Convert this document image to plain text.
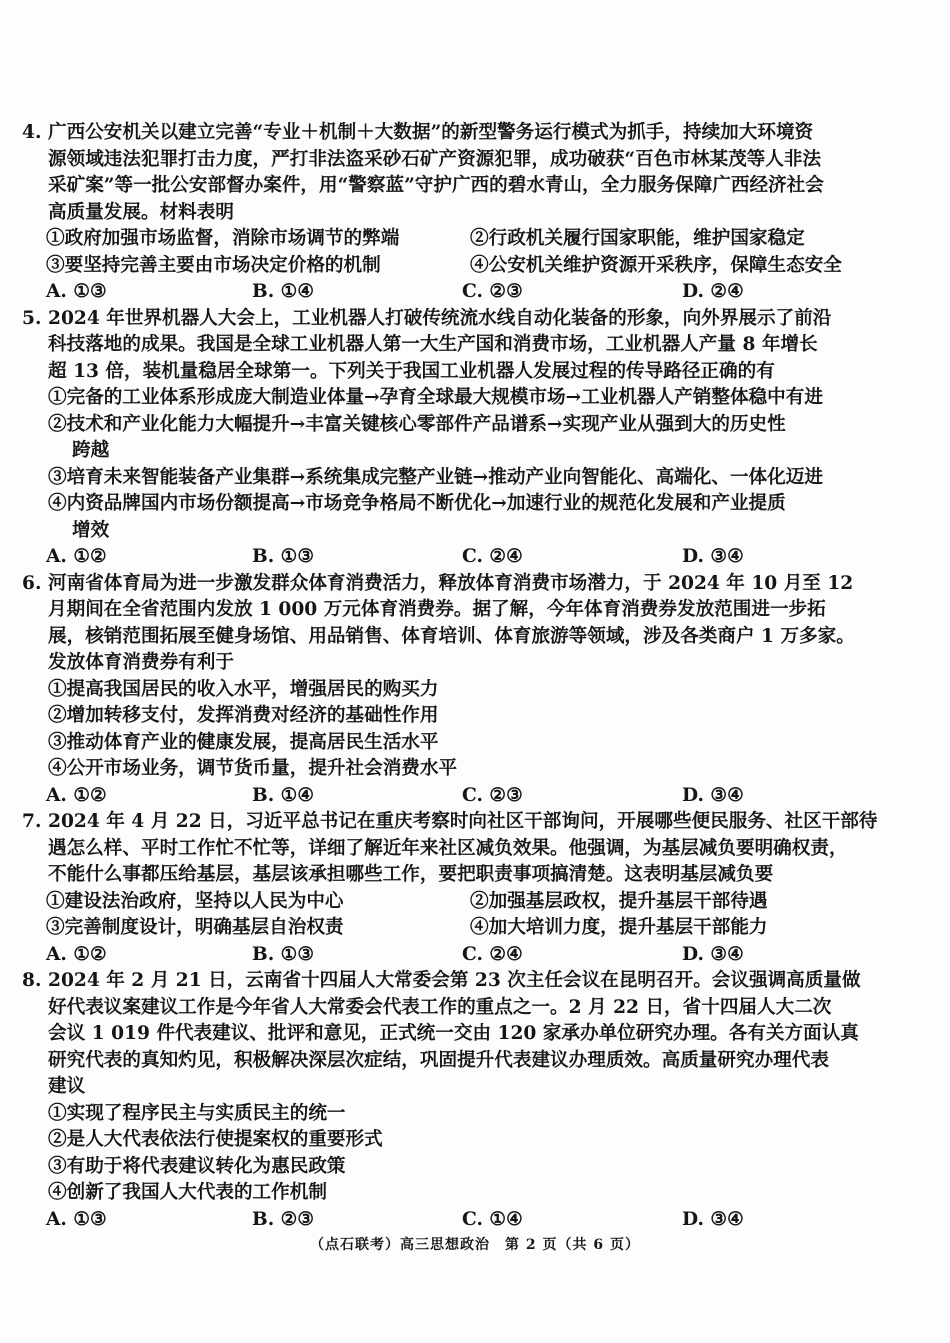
4. 广西公安机关以建立完善“专业＋机制＋大数据”的新型警务运行模式为抓手，持续加大环境资
源领域违法犯罪打击力度，严打非法盗采砂石矿产资源犯罪，成功破获“百色市林某茂等人非法
采矿案”等一批公安部督办案件，用“警察蓝”守护广西的碧水青山，全力服务保障广西经济社会
高质量发展。材料表明
①政府加强市场监督，消除市场调节的弊端	②行政机关履行国家职能，维护国家稳定
③要坚持完善主要由市场决定价格的机制	④公安机关维护资源开采秩序，保障生态安全
A. ①③	B. ①④	C. ②③	D. ②④
5. 2024 年世界机器人大会上，工业机器人打破传统流水线自动化装备的形象，向外界展示了前沿
科技落地的成果。我国是全球工业机器人第一大生产国和消费市场，工业机器人产量 8 年增长
超 13 倍，装机量稳居全球第一。下列关于我国工业机器人发展过程的传导路径正确的有
①完备的工业体系形成庞大制造业体量→孕育全球最大规模市场→工业机器人产销整体稳中有进
②技术和产业化能力大幅提升→丰富关键核心零部件产品谱系→实现产业从强到大的历史性
跨越
③培育未来智能装备产业集群→系统集成完整产业链→推动产业向智能化、高端化、一体化迈进
④内资品牌国内市场份额提高→市场竞争格局不断优化→加速行业的规范化发展和产业提质
增效
A. ①②	B. ①③	C. ②④	D. ③④
6. 河南省体育局为进一步激发群众体育消费活力，释放体育消费市场潜力，于 2024 年 10 月至 12
月期间在全省范围内发放 1 000 万元体育消费券。据了解，今年体育消费券发放范围进一步拓
展，核销范围拓展至健身场馆、用品销售、体育培训、体育旅游等领域，涉及各类商户 1 万多家。
发放体育消费券有利于
①提高我国居民的收入水平，增强居民的购买力
②增加转移支付，发挥消费对经济的基础性作用
③推动体育产业的健康发展，提高居民生活水平
④公开市场业务，调节货币量，提升社会消费水平
A. ①②	B. ①④	C. ②③	D. ③④
7. 2024 年 4 月 22 日，习近平总书记在重庆考察时向社区干部询问，开展哪些便民服务、社区干部待
遇怎么样、平时工作忙不忙等，详细了解近年来社区减负效果。他强调，为基层减负要明确权责，
不能什么事都压给基层，基层该承担哪些工作，要把职责事项搞清楚。这表明基层减负要
①建设法治政府，坚持以人民为中心	②加强基层政权，提升基层干部待遇
③完善制度设计，明确基层自治权责	④加大培训力度，提升基层干部能力
A. ①②	B. ①③	C. ②④	D. ③④
8. 2024 年 2 月 21 日，云南省十四届人大常委会第 23 次主任会议在昆明召开。会议强调高质量做
好代表议案建议工作是今年省人大常委会代表工作的重点之一。2 月 22 日，省十四届人大二次
会议 1 019 件代表建议、批评和意见，正式统一交由 120 家承办单位研究办理。各有关方面认真
研究代表的真知灼见，积极解决深层次症结，巩固提升代表建议办理质效。高质量研究办理代表
建议
①实现了程序民主与实质民主的统一
②是人大代表依法行使提案权的重要形式
③有助于将代表建议转化为惠民政策
④创新了我国人大代表的工作机制
A. ①③	B. ②③	C. ①④	D. ③④
（点石联考）高三思想政治　第 2 页（共 6 页）
